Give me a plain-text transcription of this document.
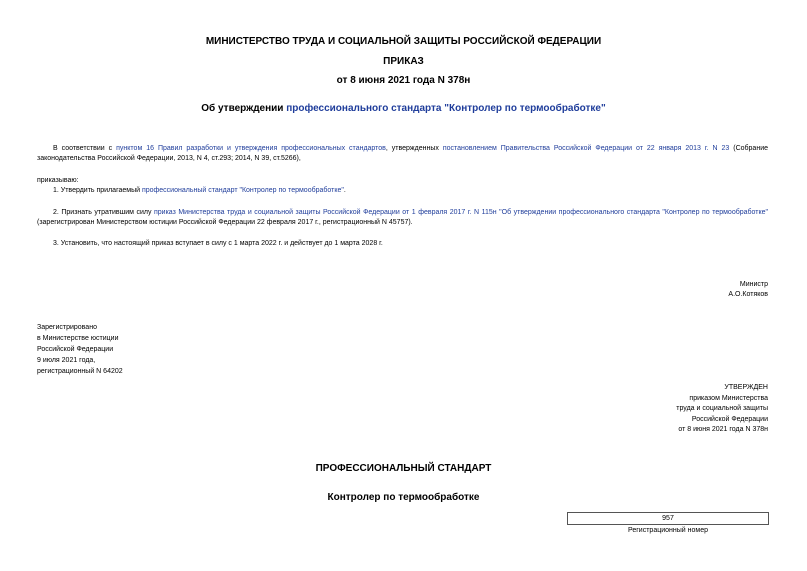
МИНИСТЕРСТВО ТРУДА И СОЦИАЛЬНОЙ ЗАЩИТЫ РОССИЙСКОЙ ФЕДЕРАЦИИ
ПРИКАЗ
от 8 июня 2021 года N 378н
Об утверждении профессионального стандарта "Контролер по термообработке"
В соответствии с пунктом 16 Правил разработки и утверждения профессиональных стандартов, утвержденных постановлением Правительства Российской Федерации от 22 января 2013 г. N 23 (Собрание законодательства Российской Федерации, 2013, N 4, ст.293; 2014, N 39, ст.5266),
приказываю:
1. Утвердить прилагаемый профессиональный стандарт "Контролер по термообработке".
2. Признать утратившим силу приказ Министерства труда и социальной защиты Российской Федерации от 1 февраля 2017 г. N 115н "Об утверждении профессионального стандарта "Контролер по термообработке" (зарегистрирован Министерством юстиции Российской Федерации 22 февраля 2017 г., регистрационный N 45757).
3. Установить, что настоящий приказ вступает в силу с 1 марта 2022 г. и действует до 1 марта 2028 г.
Министр
А.О.Котяков
Зарегистрировано
в Министерстве юстиции
Российской Федерации
9 июля 2021 года,
регистрационный N 64202
УТВЕРЖДЕН
приказом Министерства
труда и социальной защиты
Российской Федерации
от 8 июня 2021 года N 378н
ПРОФЕССИОНАЛЬНЫЙ СТАНДАРТ
Контролер по термообработке
957
Регистрационный номер
